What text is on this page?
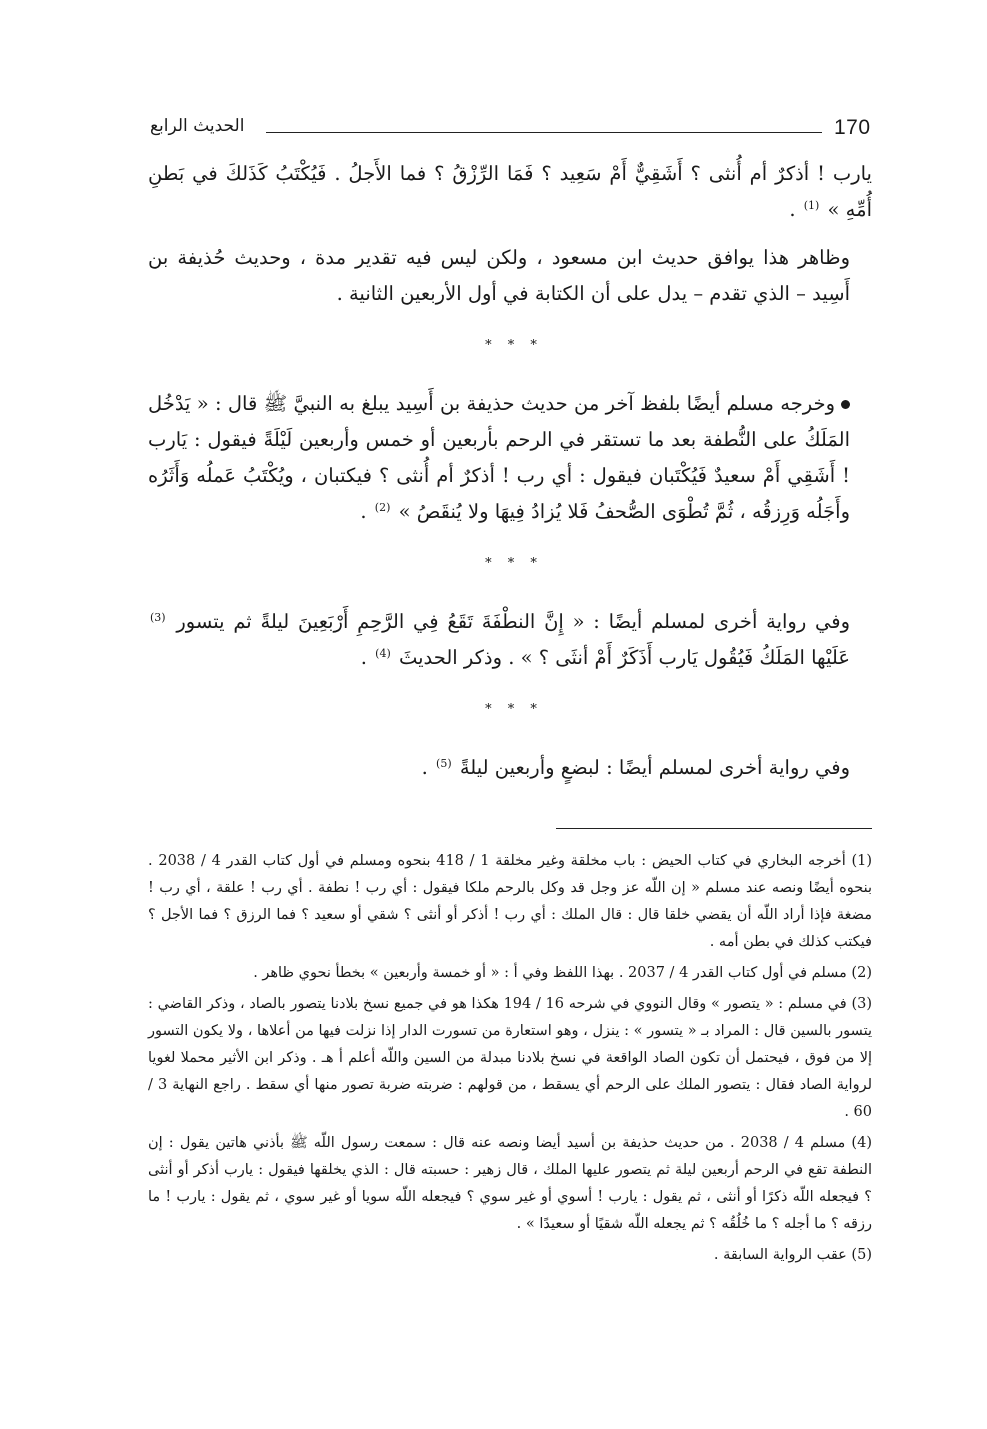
170
الحديث الرابع

يارب ! أذكرٌ أم أُنثى ؟ أَشَقِيٌّ أَمْ سَعِيد ؟ فَمَا الرِّزْقُ ؟ فما الأَجلُ . فَيُكْتَبُ كَذَلكَ في بَطنِ أُمِّهِ » $^{(1)}$ .

وظاهر هذا يوافق حديث ابن مسعود ، ولكن ليس فيه تقدير مدة ، وحديث حُذيفة بن أَسِيد – الذي تقدم – يدل على أن الكتابة في أول الأربعين الثانية .

* * *

وخرجه مسلم أيضًا بلفظ آخر من حديث حذيفة بن أَسِيد يبلغ به النبيَّ ﷺ قال : « يَدْخُل المَلَكُ على النُّطفة بعد ما تستقر في الرحم بأربعين أو خمس وأربعين لَيْلَةً فيقول : يَارب ! أَشَقِي أَمْ سعيدٌ فَيُكْتَبان فيقول : أي رب ! أذكرٌ أم أُنثى ؟ فيكتبان ، ويُكْتَبُ عَملُه وَأَثَرُه وأَجَلُه وَرِزقُه ، ثُمَّ تُطْوَى الصُّحفُ فَلا يُزادُ فِيهَا ولا يُنقَصُ » $^{(2)}$ .

* * *

وفي رواية أخرى لمسلم أيضًا : « إِنَّ النطْفَةَ تَقَعُ فِي الرَّحِمِ أَرْبَعِينَ ليلةً ثم يتسور $^{(3)}$ عَلَيْها المَلَكُ فَيُقُول يَارب أَذَكَرٌ أَمْ أنثَى ؟ » . وذكر الحديثَ $^{(4)}$ .

* * *

وفي رواية أخرى لمسلم أيضًا : لبضعٍ وأربعين ليلةً $^{(5)}$ .

(1) أخرجه البخاري في كتاب الحيض : باب مخلقة وغير مخلقة 1 / 418 بنحوه ومسلم في أول كتاب القدر 4 / 2038 . بنحوه أيضًا ونصه عند مسلم « إن اللّه عز وجل قد وكل بالرحم ملكا فيقول : أي رب ! نطفة . أي رب ! علقة ، أي رب ! مضغة فإذا أراد اللّه أن يقضي خلقا قال : قال الملك : أي رب ! أذكر أو أنثى ؟ شقي أو سعيد ؟ فما الرزق ؟ فما الأجل ؟ فيكتب كذلك في بطن أمه .

(2) مسلم في أول كتاب القدر 4 / 2037 . بهذا اللفظ وفي أ : « أو خمسة وأربعين » بخطأ نحوي ظاهر .

(3) في مسلم : « يتصور » وقال النووي في شرحه 16 / 194 هكذا هو في جميع نسخ بلادنا يتصور بالصاد ، وذكر القاضي : يتسور بالسين قال : المراد بـ « يتسور » : ينزل ، وهو استعارة من تسورت الدار إذا نزلت فيها من أعلاها ، ولا يكون التسور إلا من فوق ، فيحتمل أن تكون الصاد الواقعة في نسخ بلادنا مبدلة من السين واللّه أعلم أ هـ . وذكر ابن الأثير محملا لغويا لرواية الصاد فقال : يتصور الملك على الرحم أي يسقط ، من قولهم : ضربته ضربة تصور منها أي سقط . راجع النهاية 3 / 60 .

(4) مسلم 4 / 2038 . من حديث حذيفة بن أسيد أيضا ونصه عنه قال : سمعت رسول اللّه ﷺ بأذني هاتين يقول : إن النطفة تقع في الرحم أربعين ليلة ثم يتصور عليها الملك ، قال زهير : حسبته قال : الذي يخلقها فيقول : يارب أذكر أو أنثى ؟ فيجعله اللّه ذكرًا أو أنثى ، ثم يقول : يارب ! أسوي أو غير سوي ؟ فيجعله اللّه سويا أو غير سوي ، ثم يقول : يارب ! ما رزقه ؟ ما أجله ؟ ما خُلُقُه ؟ ثم يجعله اللّه شقيًا أو سعيدًا » .

(5) عقب الرواية السابقة .
